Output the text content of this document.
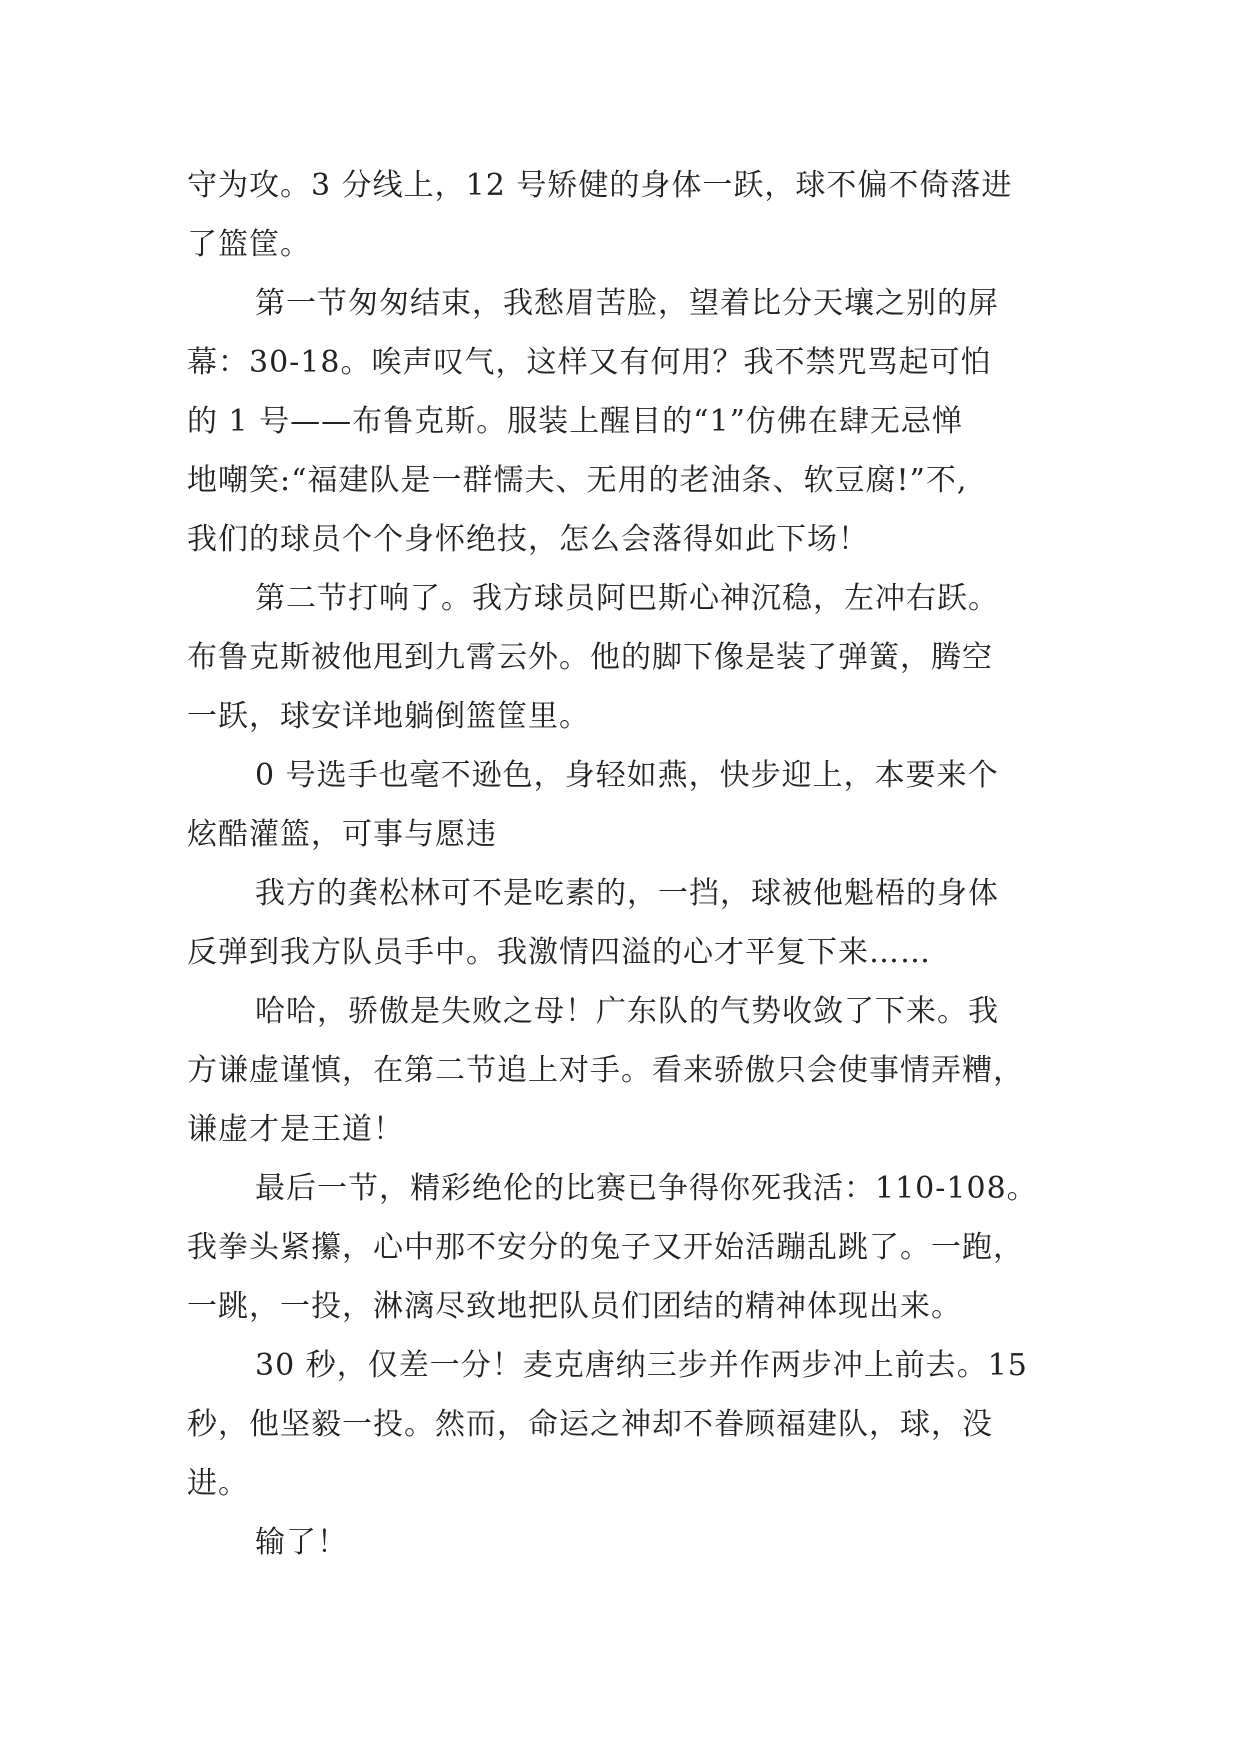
守为攻。3 分线上，12 号矫健的身体一跃，球不偏不倚落进
了篮筐。
第一节匆匆结束，我愁眉苦脸，望着比分天壤之别的屏
幕：30-18。唉声叹气，这样又有何用？我不禁咒骂起可怕
的 1 号——布鲁克斯。服装上醒目的“1”仿佛在肆无忌惮
地嘲笑:“福建队是一群懦夫、无用的老油条、软豆腐!”不,
我们的球员个个身怀绝技，怎么会落得如此下场！
第二节打响了。我方球员阿巴斯心神沉稳，左冲右跃。
布鲁克斯被他甩到九霄云外。他的脚下像是装了弹簧，腾空
一跃，球安详地躺倒篮筐里。
0 号选手也毫不逊色，身轻如燕，快步迎上，本要来个
炫酷灌篮，可事与愿违
我方的龚松林可不是吃素的，一挡，球被他魁梧的身体
反弹到我方队员手中。我激情四溢的心才平复下来……
哈哈，骄傲是失败之母！广东队的气势收敛了下来。我
方谦虚谨慎，在第二节追上对手。看来骄傲只会使事情弄糟，
谦虚才是王道！
最后一节，精彩绝伦的比赛已争得你死我活：110-108。
我拳头紧攥，心中那不安分的兔子又开始活蹦乱跳了。一跑，
一跳，一投，淋漓尽致地把队员们团结的精神体现出来。
30 秒，仅差一分！麦克唐纳三步并作两步冲上前去。15
秒，他坚毅一投。然而，命运之神却不眷顾福建队，球，没
进。
输了！
